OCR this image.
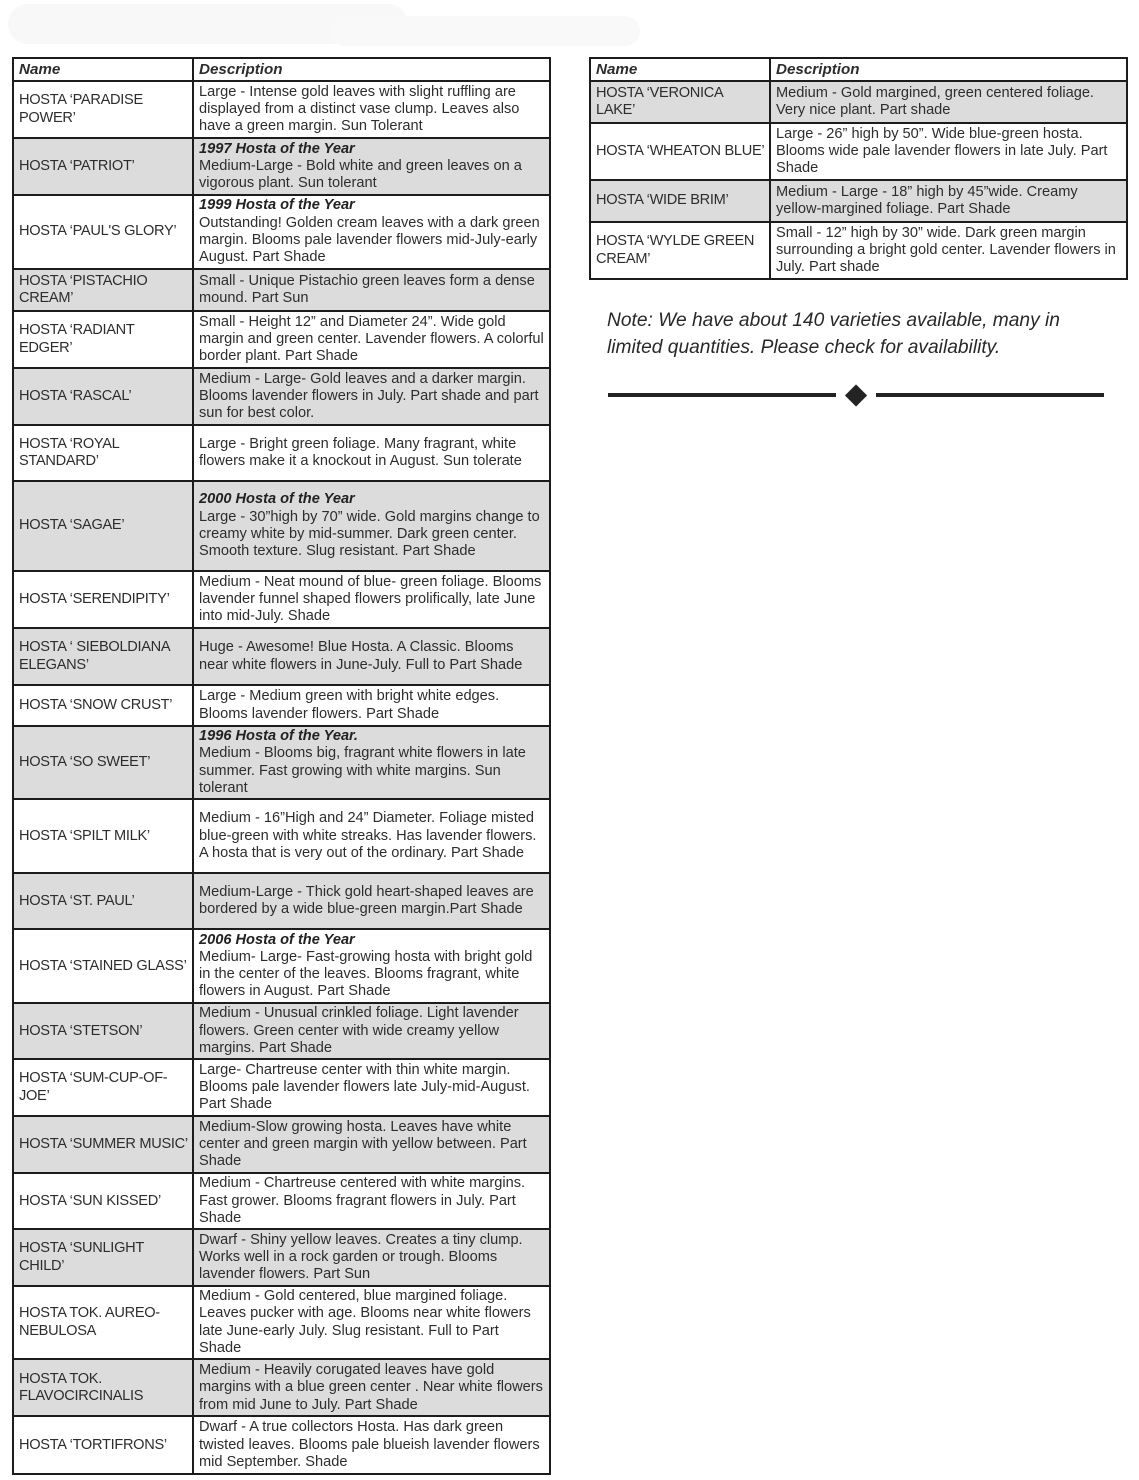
Name	Description
HOSTA ‘PARADISE POWER’	Large - Intense gold leaves with slight ruffling are displayed from a distinct vase clump. Leaves also have a green margin. Sun Tolerant
HOSTA ‘PATRIOT’	1997 Hosta of the Year
Medium-Large - Bold white and green leaves on a vigorous plant. Sun tolerant
HOSTA ‘PAUL'S GLORY’	1999 Hosta of the Year
Outstanding! Golden cream leaves with a dark green margin. Blooms pale lavender flowers mid-July-early August. Part Shade
HOSTA ‘PISTACHIO CREAM’	Small - Unique Pistachio green leaves form a dense mound. Part Sun
HOSTA ‘RADIANT EDGER’	Small - Height 12” and Diameter 24”. Wide gold margin and green center. Lavender flowers. A colorful border plant. Part Shade
HOSTA ‘RASCAL’	Medium - Large- Gold leaves and a darker margin. Blooms lavender flowers in July. Part shade and part sun for best color.
HOSTA ‘ROYAL STANDARD’	Large - Bright green foliage. Many fragrant, white flowers make it a knockout in August. Sun tolerate
HOSTA ‘SAGAE’	2000 Hosta of the Year
Large - 30”high by 70” wide. Gold margins change to creamy white by mid-summer. Dark green center. Smooth texture. Slug resistant. Part Shade
HOSTA ‘SERENDIPITY’	Medium - Neat mound of blue- green foliage. Blooms lavender funnel shaped flowers prolifically, late June into mid-July. Shade
HOSTA ‘ SIEBOLDIANA ELEGANS’	Huge - Awesome! Blue Hosta. A Classic. Blooms near white flowers in June-July. Full to Part Shade
HOSTA ‘SNOW CRUST’	Large - Medium green with bright white edges. Blooms lavender flowers. Part Shade
HOSTA ‘SO SWEET’	1996 Hosta of the Year.
Medium - Blooms big, fragrant white flowers in late summer. Fast growing with white margins. Sun tolerant
HOSTA ‘SPILT MILK’	Medium - 16”High and 24” Diameter. Foliage misted blue-green with white streaks. Has lavender flowers. A hosta that is very out of the ordinary. Part Shade
HOSTA ‘ST. PAUL’	Medium-Large - Thick gold heart-shaped leaves are bordered by a wide blue-green margin.Part Shade
HOSTA ‘STAINED GLASS’	2006 Hosta of the Year
Medium- Large- Fast-growing hosta with bright gold in the center of the leaves. Blooms fragrant, white flowers in August. Part Shade
HOSTA ‘STETSON’	Medium - Unusual crinkled foliage. Light lavender flowers. Green center with wide creamy yellow margins. Part Shade
HOSTA ‘SUM-CUP-OF-JOE’	Large- Chartreuse center with thin white margin. Blooms pale lavender flowers late July-mid-August. Part Shade
HOSTA ‘SUMMER MUSIC’	Medium-Slow growing hosta. Leaves have white center and green margin with yellow between. Part Shade
HOSTA ‘SUN KISSED’	Medium - Chartreuse centered with white margins. Fast grower. Blooms fragrant flowers in July. Part Shade
HOSTA ‘SUNLIGHT CHILD’	Dwarf - Shiny yellow leaves. Creates a tiny clump. Works well in a rock garden or trough. Blooms lavender flowers. Part Sun
HOSTA TOK. AUREO-NEBULOSA	Medium - Gold centered, blue margined foliage. Leaves pucker with age. Blooms near white flowers late June-early July. Slug resistant. Full to Part Shade
HOSTA TOK. FLAVOCIRCINALIS	Medium - Heavily corugated leaves have gold margins with a blue green center . Near white flowers from mid June to July. Part Shade
HOSTA ‘TORTIFRONS’	Dwarf - A true collectors Hosta. Has dark green twisted leaves. Blooms pale blueish lavender flowers mid September. Shade
Name	Description
HOSTA ‘VERONICA LAKE’	Medium - Gold margined, green centered foliage. Very nice plant. Part shade
HOSTA ‘WHEATON BLUE’	Large - 26” high by 50”. Wide blue-green hosta. Blooms wide pale lavender flowers in late July. Part Shade
HOSTA ‘WIDE BRIM’	Medium - Large - 18” high by 45”wide. Creamy yellow-margined foliage. Part Shade
HOSTA ‘WYLDE GREEN CREAM’	Small - 12” high by 30” wide. Dark green margin surrounding a bright gold center. Lavender flowers in July. Part shade

Note: We have about 140 varieties available, many in limited quantities. Please check for availability.

◆
